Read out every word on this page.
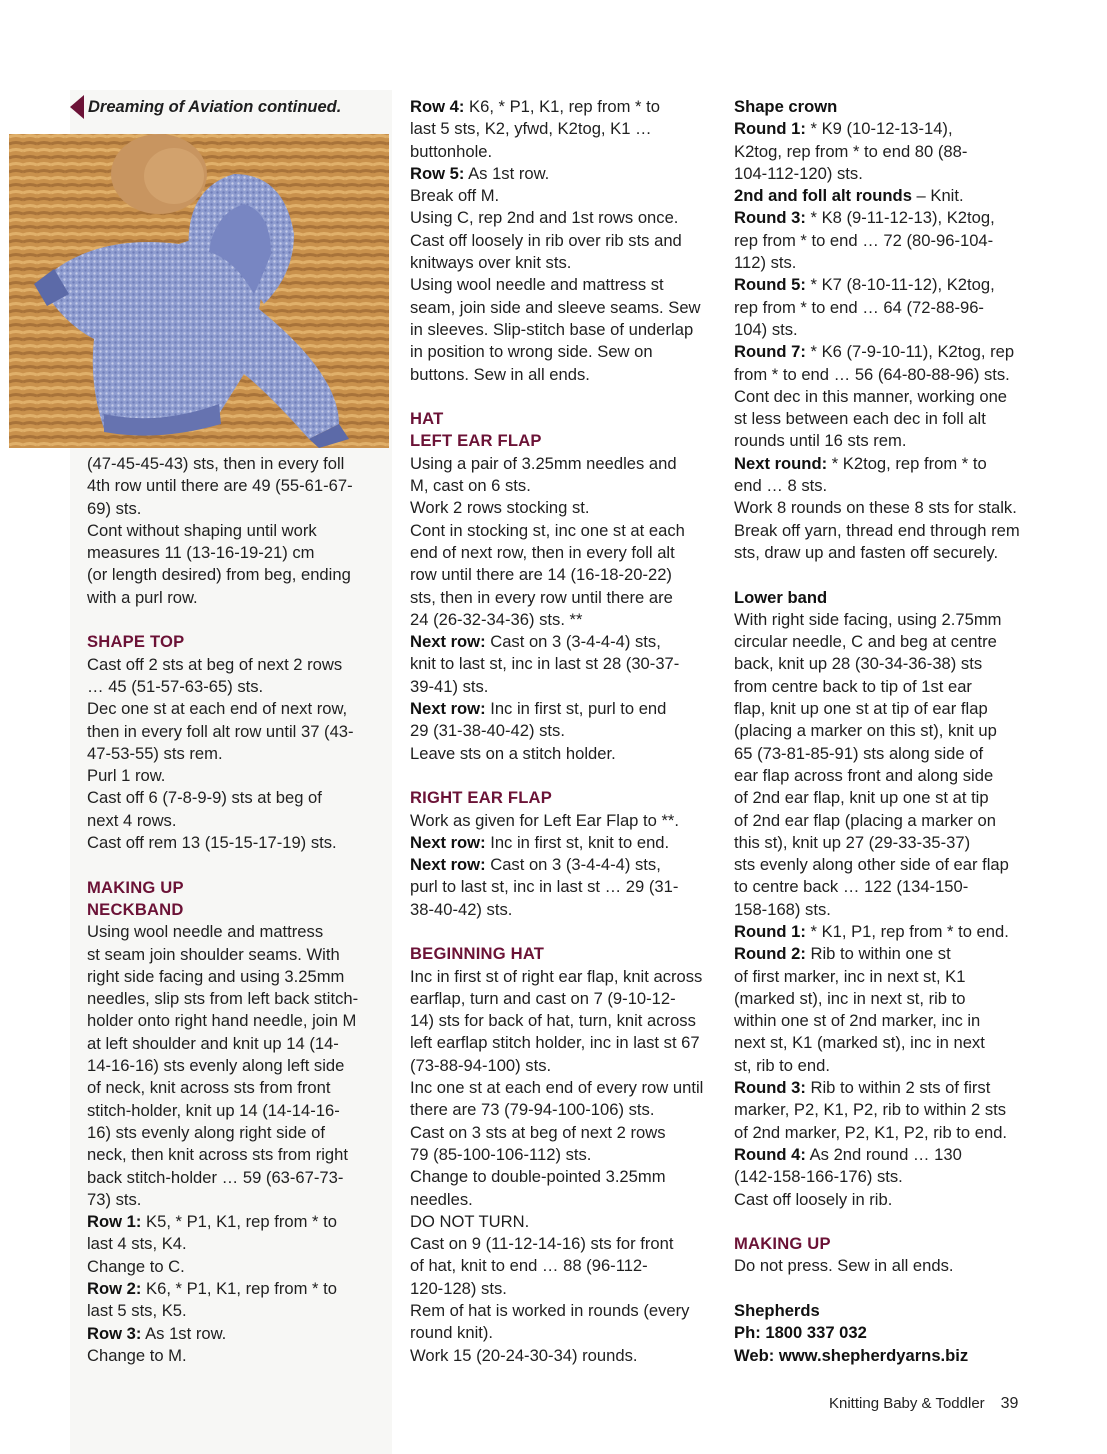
Dreaming of Aviation continued.

(47-45-45-43) sts, then in every foll

4th row until there are 49 (55-61-67-

69) sts.

Cont without shaping until work

measures 11 (13-16-19-21) cm

(or length desired) from beg, ending

with a purl row.

SHAPE TOP

Cast off 2 sts at beg of next 2 rows

… 45 (51-57-63-65) sts.

Dec one st at each end of next row,

then in every foll alt row until 37 (43-

47-53-55) sts rem.

Purl 1 row.

Cast off 6 (7-8-9-9) sts at beg of

next 4 rows.

Cast off rem 13 (15-15-17-19) sts.

MAKING UP

NECKBAND

Using wool needle and mattress

st seam join shoulder seams. With

right side facing and using 3.25mm

needles, slip sts from left back stitch-

holder onto right hand needle, join M

at left shoulder and knit up 14 (14-

14-16-16) sts evenly along left side

of neck, knit across sts from front

stitch-holder, knit up 14 (14-14-16-

16) sts evenly along right side of

neck, then knit across sts from right

back stitch-holder … 59 (63-67-73-

73) sts.

Row 1: K5, * P1, K1, rep from * to

last 4 sts, K4.

Change to C.

Row 2: K6, * P1, K1, rep from * to

last 5 sts, K5.

Row 3: As 1st row.

Change to M.

Row 4: K6, * P1, K1, rep from * to

last 5 sts, K2, yfwd, K2tog, K1 …

buttonhole.

Row 5: As 1st row.

Break off M.

Using C, rep 2nd and 1st rows once.

Cast off loosely in rib over rib sts and

knitways over knit sts.

Using wool needle and mattress st

seam, join side and sleeve seams. Sew

in sleeves. Slip-stitch base of underlap

in position to wrong side. Sew on

buttons. Sew in all ends.

HAT

LEFT EAR FLAP

Using a pair of 3.25mm needles and

M, cast on 6 sts.

Work 2 rows stocking st.

Cont in stocking st, inc one st at each

end of next row, then in every foll alt

row until there are 14 (16-18-20-22)

sts, then in every row until there are

24 (26-32-34-36) sts. **

Next row: Cast on 3 (3-4-4-4) sts,

knit to last st, inc in last st 28 (30-37-

39-41) sts.

Next row: Inc in first st, purl to end

29 (31-38-40-42) sts.

Leave sts on a stitch holder.

RIGHT EAR FLAP

Work as given for Left Ear Flap to **.

Next row: Inc in first st, knit to end.

Next row: Cast on 3 (3-4-4-4) sts,

purl to last st, inc in last st … 29 (31-

38-40-42) sts.

BEGINNING HAT

Inc in first st of right ear flap, knit across

earflap, turn and cast on 7 (9-10-12-

14) sts for back of hat, turn, knit across

left earflap stitch holder, inc in last st 67

(73-88-94-100) sts.

Inc one st at each end of every row until

there are 73 (79-94-100-106) sts.

Cast on 3 sts at beg of next 2 rows

79 (85-100-106-112) sts.

Change to double-pointed 3.25mm

needles.

DO NOT TURN.

Cast on 9 (11-12-14-16) sts for front

of hat, knit to end … 88 (96-112-

120-128) sts.

Rem of hat is worked in rounds (every

round knit).

Work 15 (20-24-30-34) rounds.

Shape crown

Round 1: * K9 (10-12-13-14),

K2tog, rep from * to end 80 (88-

104-112-120) sts.

2nd and foll alt rounds – Knit.

Round 3: * K8 (9-11-12-13), K2tog,

rep from * to end … 72 (80-96-104-

112) sts.

Round 5: * K7 (8-10-11-12), K2tog,

rep from * to end … 64 (72-88-96-

104) sts.

Round 7: * K6 (7-9-10-11), K2tog, rep

from * to end … 56 (64-80-88-96) sts.

Cont dec in this manner, working one

st less between each dec in foll alt

rounds until 16 sts rem.

Next round: * K2tog, rep from * to

end … 8 sts.

Work 8 rounds on these 8 sts for stalk.

Break off yarn, thread end through rem

sts, draw up and fasten off securely.

Lower band

With right side facing, using 2.75mm

circular needle, C and beg at centre

back, knit up 28 (30-34-36-38) sts

from centre back to tip of 1st ear

flap, knit up one st at tip of ear flap

(placing a marker on this st), knit up

65 (73-81-85-91) sts along side of

ear flap across front and along side

of 2nd ear flap, knit up one st at tip

of 2nd ear flap (placing a marker on

this st), knit up 27 (29-33-35-37)

sts evenly along other side of ear flap

to centre back … 122 (134-150-

158-168) sts.

Round 1: * K1, P1, rep from * to end.

Round 2: Rib to within one st

of first marker, inc in next st, K1

(marked st), inc in next st, rib to

within one st of 2nd marker, inc in

next st, K1 (marked st), inc in next

st, rib to end.

Round 3: Rib to within 2 sts of first

marker, P2, K1, P2, rib to within 2 sts

of 2nd marker, P2, K1, P2, rib to end.

Round 4: As 2nd round … 130

(142-158-166-176) sts.

Cast off loosely in rib.

MAKING UP

Do not press. Sew in all ends.

Shepherds

Ph: 1800 337 032

Web: www.shepherdyarns.biz

Knitting Baby & Toddler 39
